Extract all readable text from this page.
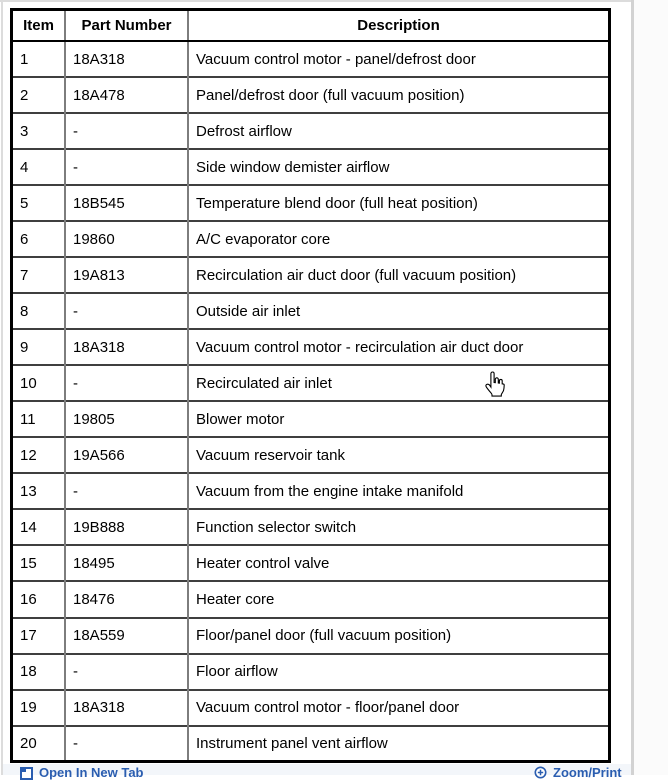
Item	Part Number	Description
1	18A318	Vacuum control motor - panel/defrost door
2	18A478	Panel/defrost door (full vacuum position)
3	-	Defrost airflow
4	-	Side window demister airflow
5	18B545	Temperature blend door (full heat position)
6	19860	A/C evaporator core
7	19A813	Recirculation air duct door (full vacuum position)
8	-	Outside air inlet
9	18A318	Vacuum control motor - recirculation air duct door
10	-	Recirculated air inlet
11	19805	Blower motor
12	19A566	Vacuum reservoir tank
13	-	Vacuum from the engine intake manifold
14	19B888	Function selector switch
15	18495	Heater control valve
16	18476	Heater core
17	18A559	Floor/panel door (full vacuum position)
18	-	Floor airflow
19	18A318	Vacuum control motor - floor/panel door
20	-	Instrument panel vent airflow
Open In New Tab	Zoom/Print
